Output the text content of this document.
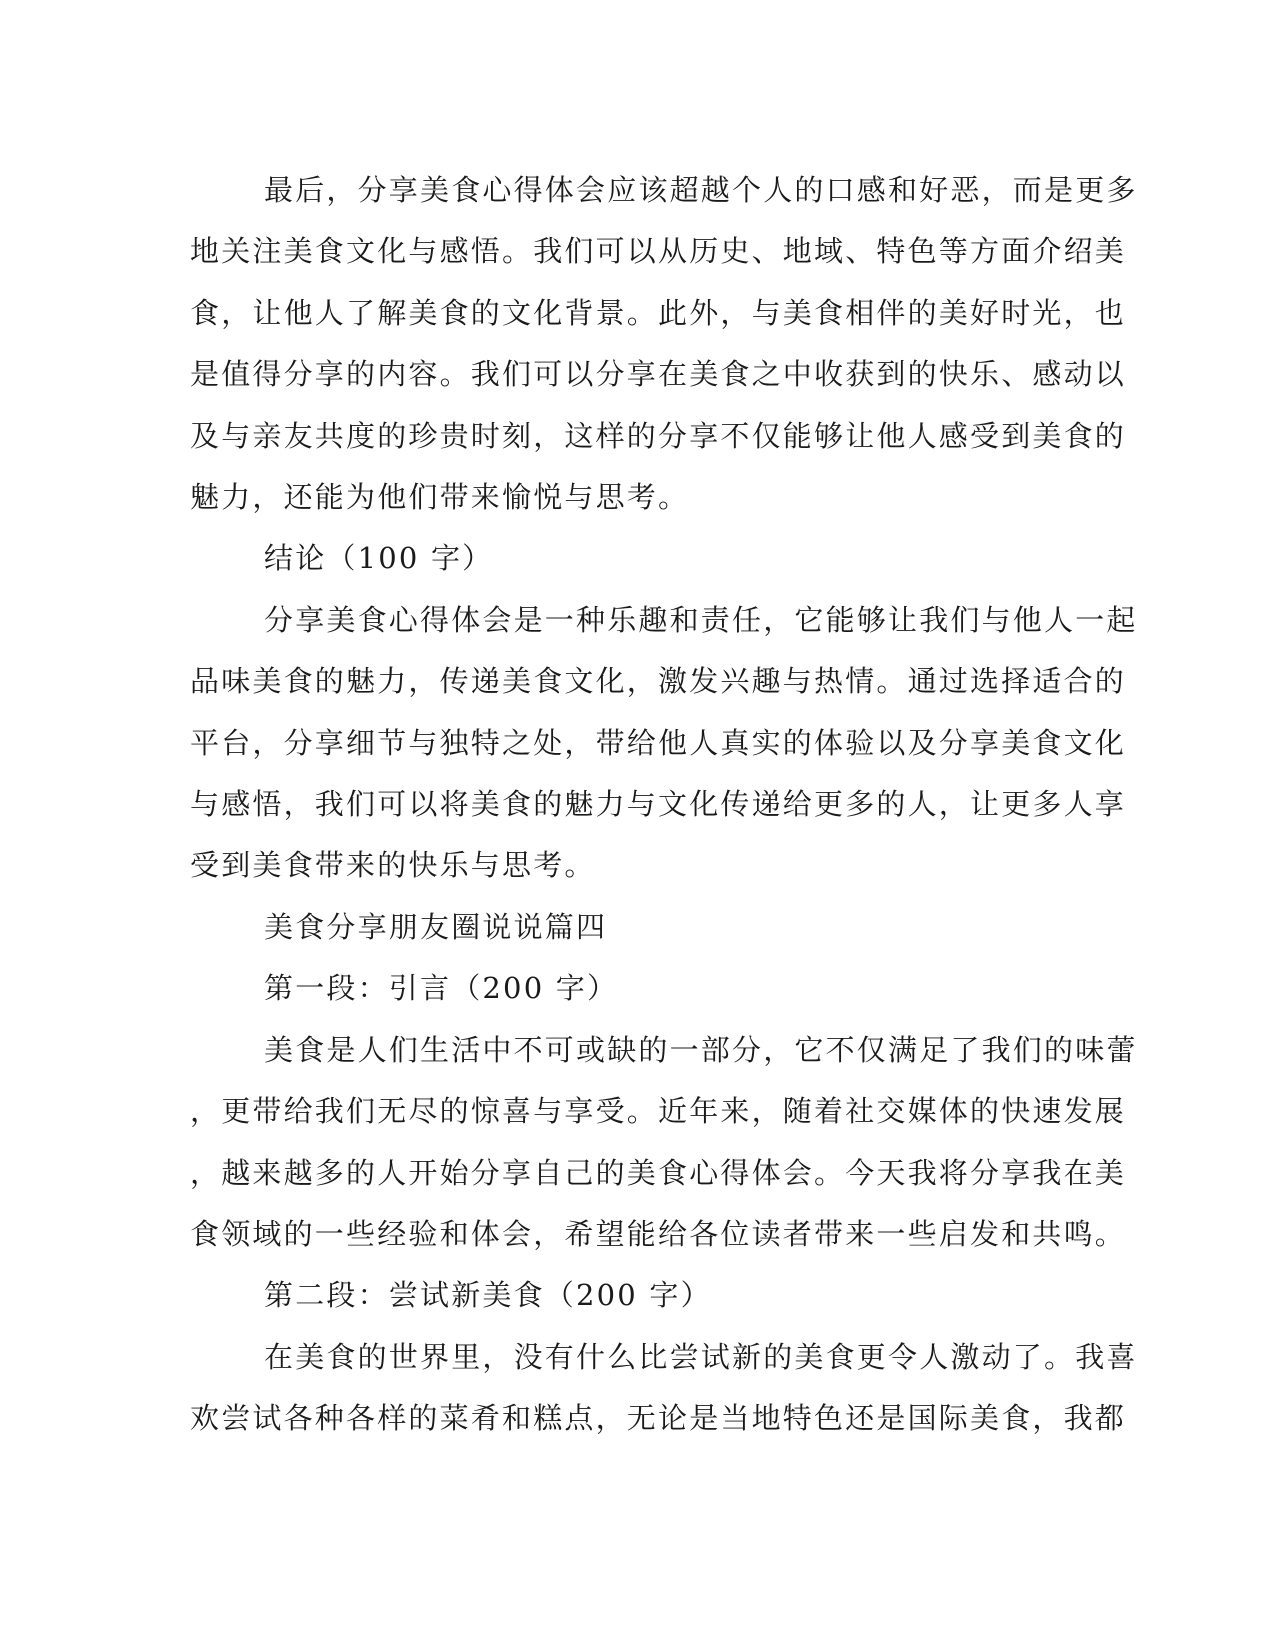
最后，分享美食心得体会应该超越个人的口感和好恶，而是更多
地关注美食文化与感悟。我们可以从历史、地域、特色等方面介绍美
食，让他人了解美食的文化背景。此外，与美食相伴的美好时光，也
是值得分享的内容。我们可以分享在美食之中收获到的快乐、感动以
及与亲友共度的珍贵时刻，这样的分享不仅能够让他人感受到美食的
魅力，还能为他们带来愉悦与思考。
结论（100 字）
分享美食心得体会是一种乐趣和责任，它能够让我们与他人一起
品味美食的魅力，传递美食文化，激发兴趣与热情。通过选择适合的
平台，分享细节与独特之处，带给他人真实的体验以及分享美食文化
与感悟，我们可以将美食的魅力与文化传递给更多的人，让更多人享
受到美食带来的快乐与思考。
美食分享朋友圈说说篇四
第一段：引言（200 字）
美食是人们生活中不可或缺的一部分，它不仅满足了我们的味蕾
，更带给我们无尽的惊喜与享受。近年来，随着社交媒体的快速发展
，越来越多的人开始分享自己的美食心得体会。今天我将分享我在美
食领域的一些经验和体会，希望能给各位读者带来一些启发和共鸣。
第二段：尝试新美食（200 字）
在美食的世界里，没有什么比尝试新的美食更令人激动了。我喜
欢尝试各种各样的菜肴和糕点，无论是当地特色还是国际美食，我都
